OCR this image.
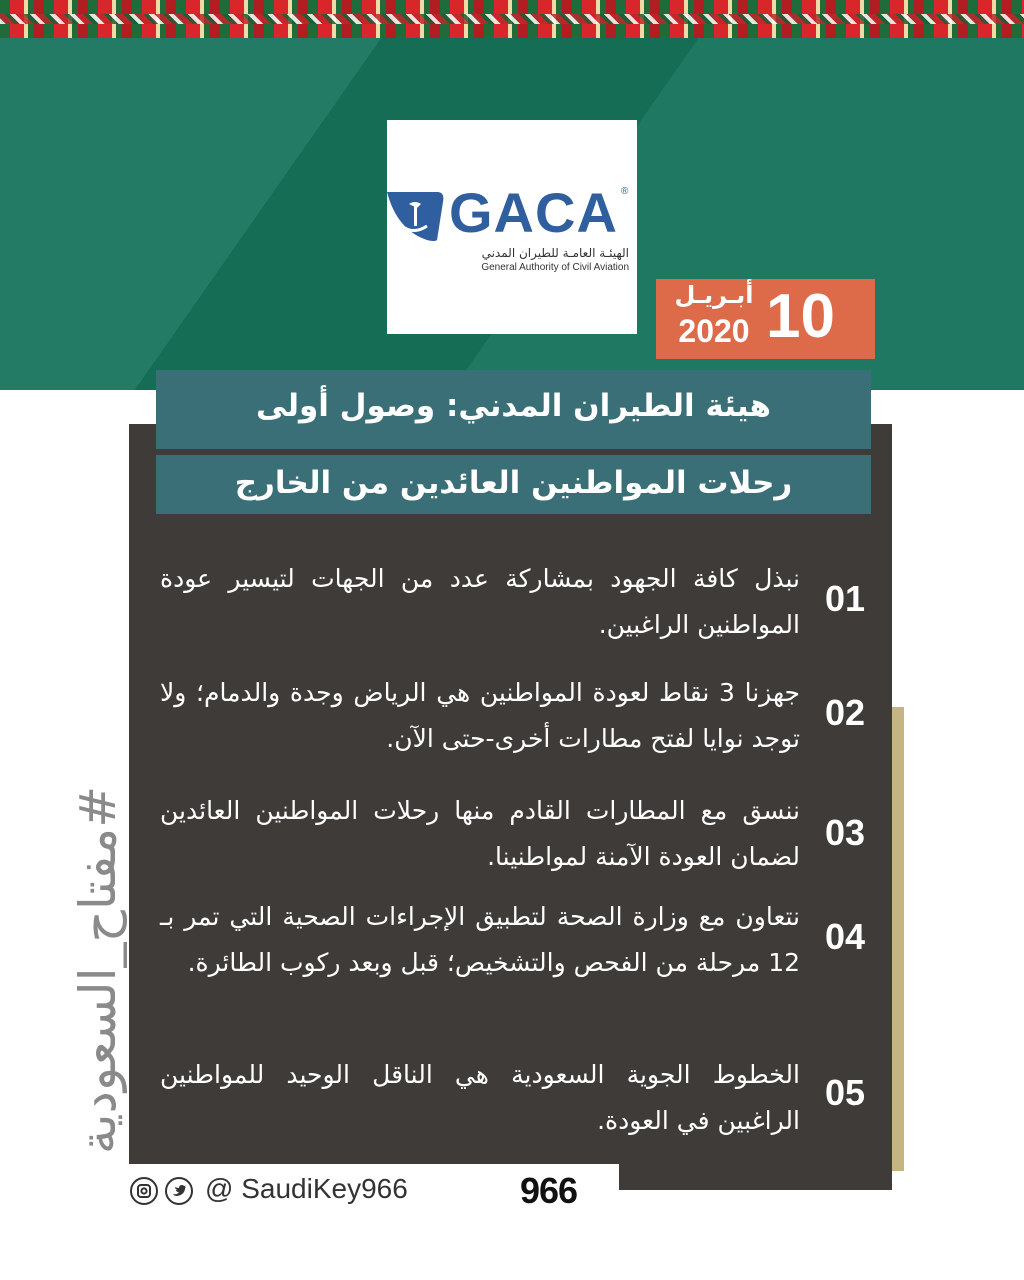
GACA ®
الهيئـة العامـة للطيران المدني
General Authority of Civil Aviation
10
أبـريـل
2020
هيئة الطيران المدني: وصول أولى
رحلات المواطنين العائدين من الخارج
01
نبذل كافة الجهود بمشاركة عدد من الجهات لتيسير عودة المواطنين الراغبين.
02
جهزنا 3 نقاط لعودة المواطنين هي الرياض وجدة والدمام؛ ولا توجد نوايا لفتح مطارات أخرى-حتى الآن.
03
ننسق مع المطارات القادم منها رحلات المواطنين العائدين لضمان العودة الآمنة لمواطنينا.
04
نتعاون مع وزارة الصحة لتطبيق الإجراءات الصحية التي تمر بـ 12 مرحلة من الفحص والتشخيص؛ قبل وبعد ركوب الطائرة.
05
الخطوط الجوية السعودية هي الناقل الوحيد للمواطنين الراغبين في العودة.
#مفتاح_السعودية
@ SaudiKey966	966
